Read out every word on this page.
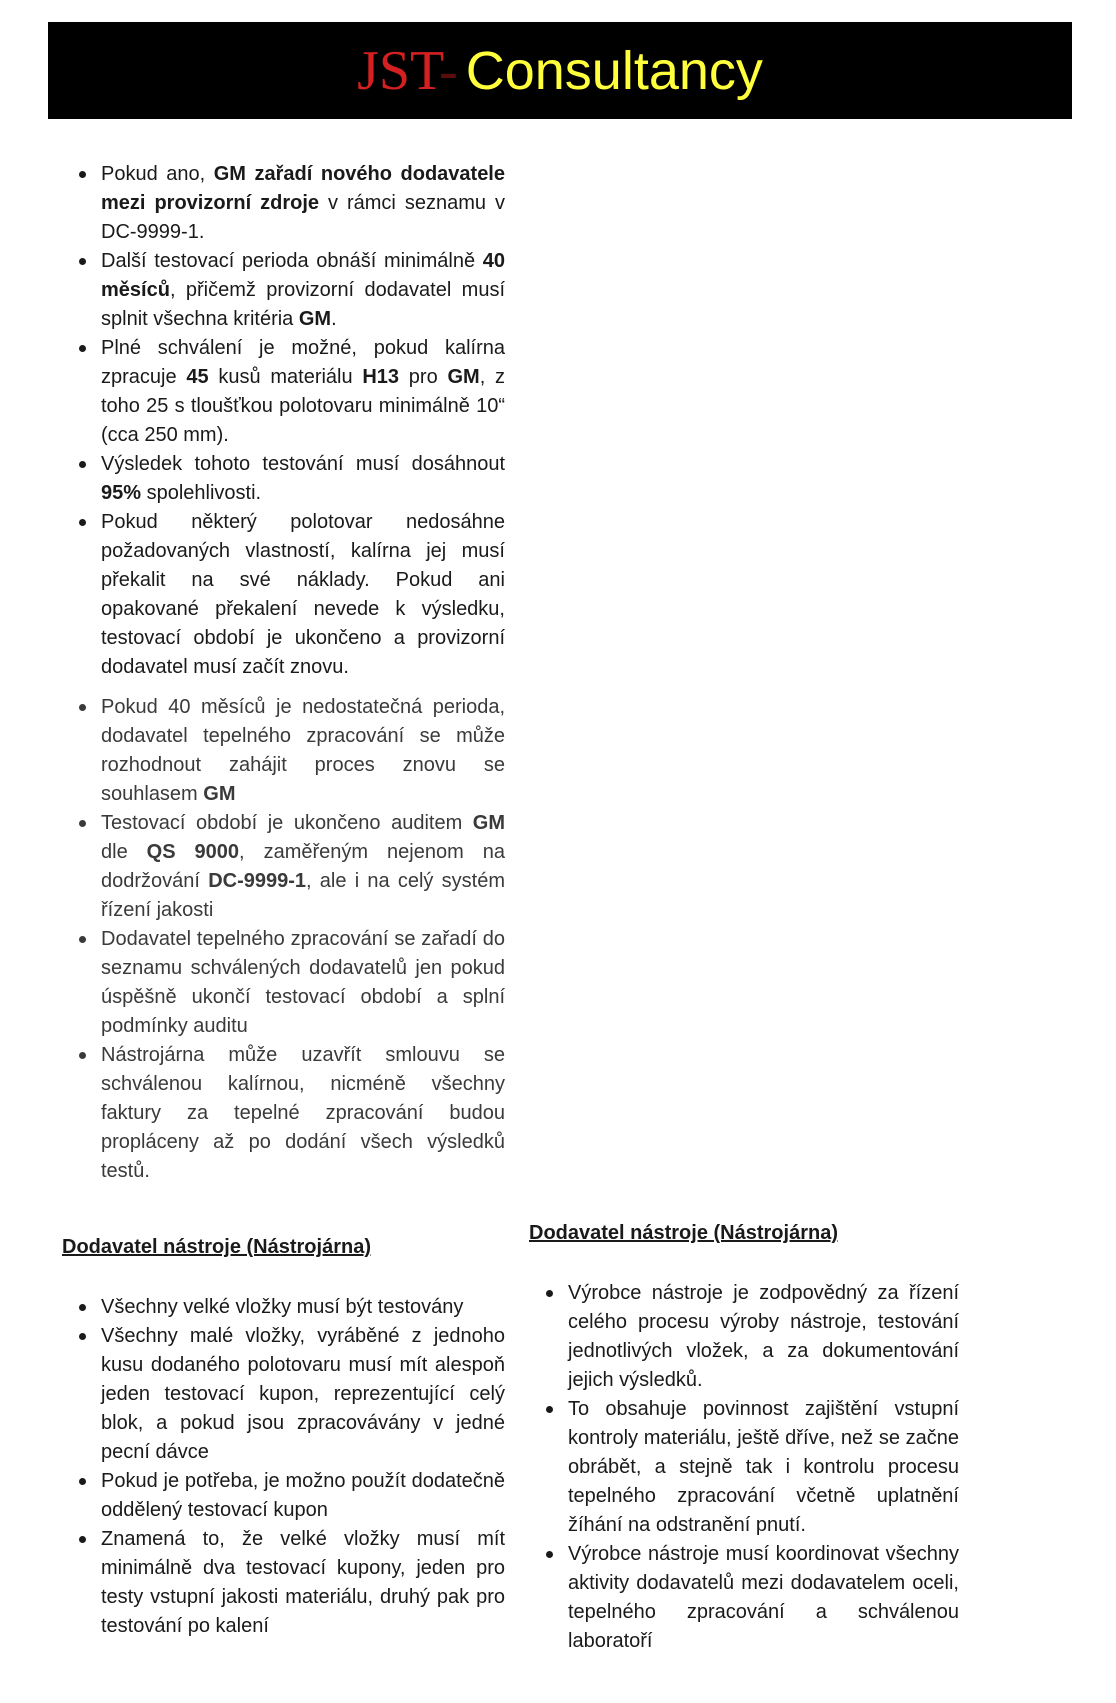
JST- Consultancy
Pokud ano, GM zařadí nového dodavatele mezi provizorní zdroje v rámci seznamu v DC-9999-1.
Další testovací perioda obnáší minimálně 40 měsíců, přičemž provizorní dodavatel musí splnit všechna kritéria GM.
Plné schválení je možné, pokud kalírna zpracuje 45 kusů materiálu H13 pro GM, z toho 25 s tloušťkou polotovaru minimálně 10“ (cca 250 mm).
Výsledek tohoto testování musí dosáhnout 95% spolehlivosti.
Pokud některý polotovar nedosáhne požadovaných vlastností, kalírna jej musí překalit na své náklady. Pokud ani opakované překalení nevede k výsledku, testovací období je ukončeno a provizorní dodavatel musí začít znovu.
Pokud 40 měsíců je nedostatečná perioda, dodavatel tepelného zpracování se může rozhodnout zahájit proces znovu se souhlasem GM
Testovací období je ukončeno auditem GM dle QS 9000, zaměřeným nejenom na dodržování DC-9999-1, ale i na celý systém řízení jakosti
Dodavatel tepelného zpracování se zařadí do seznamu schválených dodavatelů jen pokud úspěšně ukončí testovací období a splní podmínky auditu
Nástrojárna může uzavřít smlouvu se schválenou kalírnou, nicméně všechny faktury za tepelné zpracování budou propláceny až po dodání všech výsledků testů.
Dodavatel nástroje (Nástrojárna)
Všechny velké vložky musí být testovány
Všechny malé vložky, vyráběné z jednoho kusu dodaného polotovaru musí mít alespoň jeden testovací kupon, reprezentující celý blok, a pokud jsou zpracovávány v jedné pecní dávce
Pokud je potřeba, je možno použít dodatečně oddělený testovací kupon
Znamená to, že velké vložky musí mít minimálně dva testovací kupony, jeden pro testy vstupní jakosti materiálu, druhý pak pro testování po kalení
Dodavatel nástroje (Nástrojárna)
Výrobce nástroje je zodpovědný za řízení celého procesu výroby nástroje, testování jednotlivých vložek, a za dokumentování jejich výsledků.
To obsahuje povinnost zajištění vstupní kontroly materiálu, ještě dříve, než se začne obrábět, a stejně tak i kontrolu procesu tepelného zpracování včetně uplatnění žíhání na odstranění pnutí.
Výrobce nástroje musí koordinovat všechny aktivity dodavatelů mezi dodavatelem oceli, tepelného zpracování a schválenou laboratoří
